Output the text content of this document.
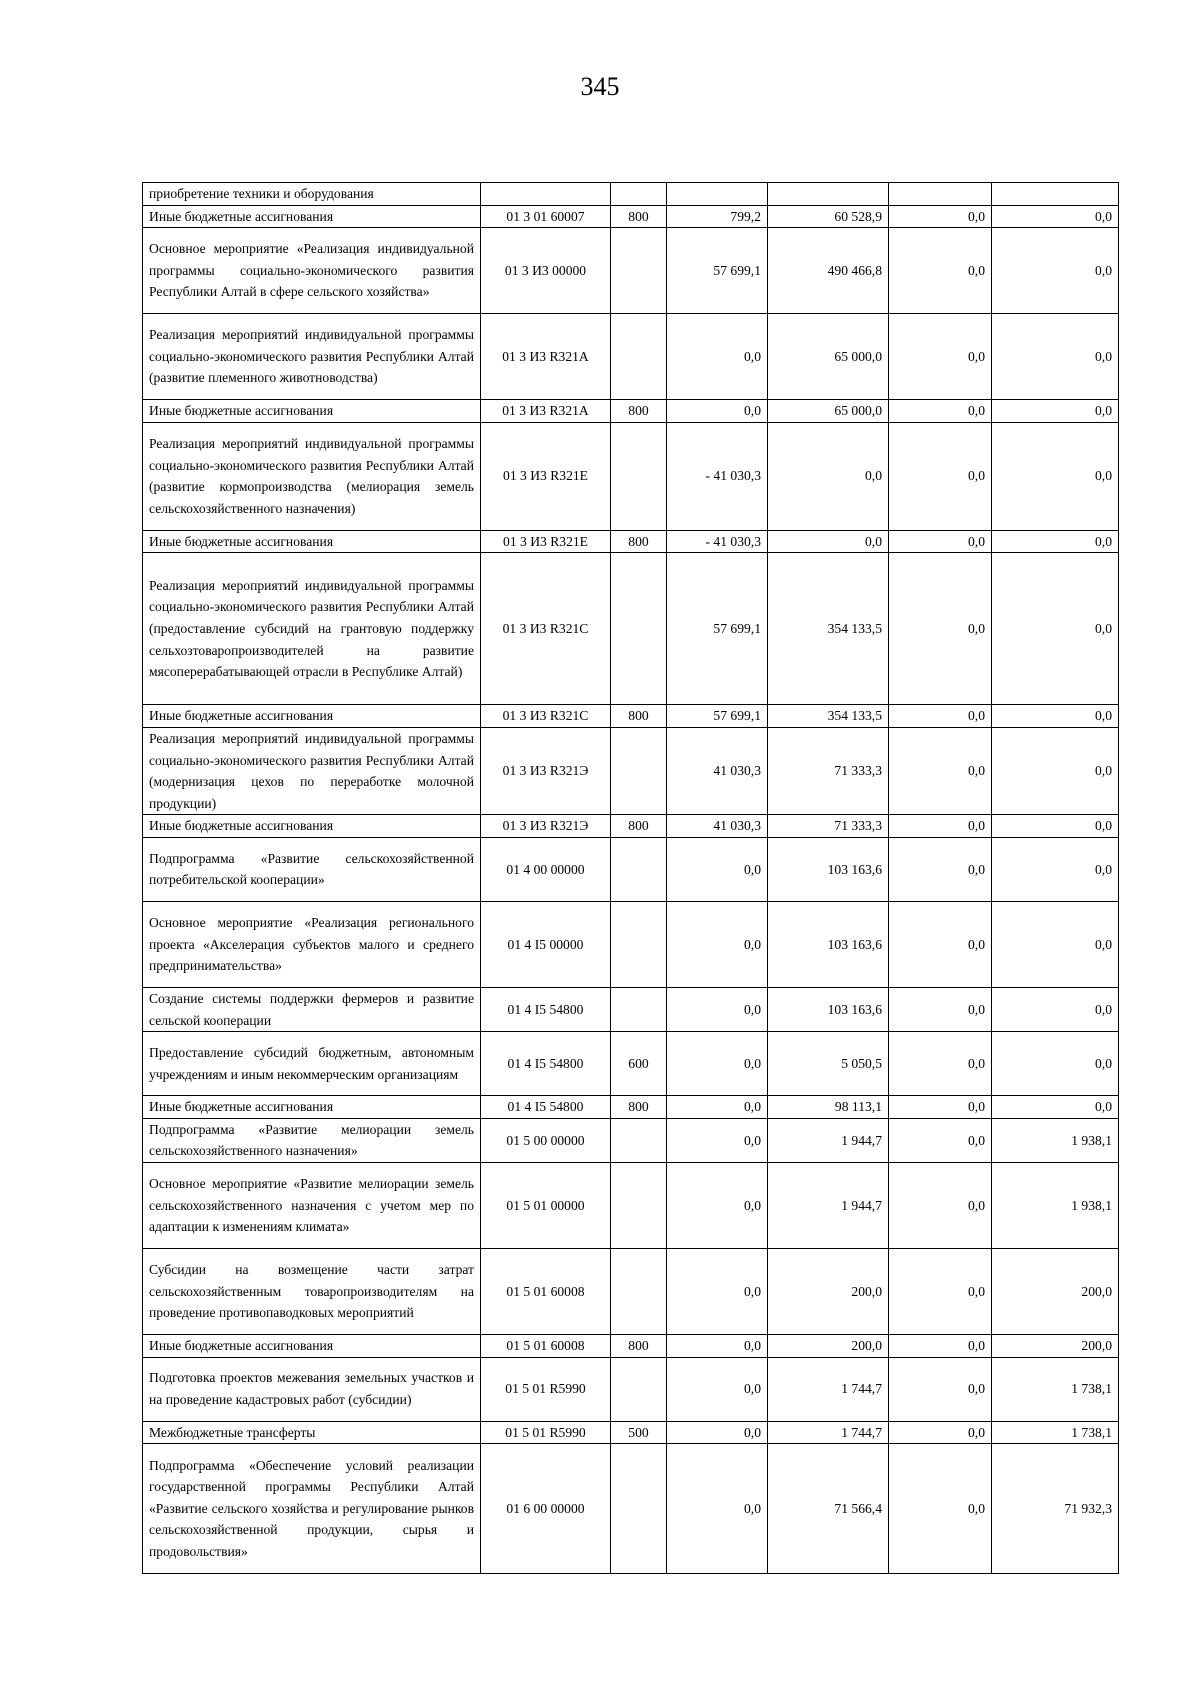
345
приобретение техники и оборудования						
Иные бюджетные ассигнования	01 3 01 60007	800	799,2	60 528,9	0,0	0,0
Основное мероприятие «Реализация индивидуальной программы социально-экономического развития Республики Алтай в сфере сельского хозяйства»	01 3 И3 00000		57 699,1	490 466,8	0,0	0,0
Реализация мероприятий индивидуальной программы социально-экономического развития Республики Алтай (развитие племенного животноводства)	01 3 И3 R321A		0,0	65 000,0	0,0	0,0
Иные бюджетные ассигнования	01 3 И3 R321A	800	0,0	65 000,0	0,0	0,0
Реализация мероприятий индивидуальной программы социально-экономического развития Республики Алтай (развитие кормопроизводства (мелиорация земель сельскохозяйственного назначения)	01 3 И3 R321E		- 41 030,3	0,0	0,0	0,0
Иные бюджетные ассигнования	01 3 И3 R321E	800	- 41 030,3	0,0	0,0	0,0
Реализация мероприятий индивидуальной программы социально-экономического развития Республики Алтай (предоставление субсидий на грантовую поддержку сельхозтоваропроизводителей на развитие мясоперерабатывающей отрасли в Республике Алтай)	01 3 И3 R321C		57 699,1	354 133,5	0,0	0,0
Иные бюджетные ассигнования	01 3 И3 R321C	800	57 699,1	354 133,5	0,0	0,0
Реализация мероприятий индивидуальной программы социально-экономического развития Республики Алтай (модернизация цехов по переработке молочной продукции)	01 3 И3 R321Э		41 030,3	71 333,3	0,0	0,0
Иные бюджетные ассигнования	01 3 И3 R321Э	800	41 030,3	71 333,3	0,0	0,0
Подпрограмма «Развитие сельскохозяйственной потребительской кооперации»	01 4 00 00000		0,0	103 163,6	0,0	0,0
Основное мероприятие «Реализация регионального проекта «Акселерация субъектов малого и среднего предпринимательства»	01 4 I5 00000		0,0	103 163,6	0,0	0,0
Создание системы поддержки фермеров и развитие сельской кооперации	01 4 I5 54800		0,0	103 163,6	0,0	0,0
Предоставление субсидий бюджетным, автономным учреждениям и иным некоммерческим организациям	01 4 I5 54800	600	0,0	5 050,5	0,0	0,0
Иные бюджетные ассигнования	01 4 I5 54800	800	0,0	98 113,1	0,0	0,0
Подпрограмма «Развитие мелиорации земель сельскохозяйственного назначения»	01 5 00 00000		0,0	1 944,7	0,0	1 938,1
Основное мероприятие «Развитие мелиорации земель сельскохозяйственного назначения с учетом мер по адаптации к изменениям климата»	01 5 01 00000		0,0	1 944,7	0,0	1 938,1
Субсидии на возмещение части затрат сельскохозяйственным товаропроизводителям на проведение противопаводковых мероприятий	01 5 01 60008		0,0	200,0	0,0	200,0
Иные бюджетные ассигнования	01 5 01 60008	800	0,0	200,0	0,0	200,0
Подготовка проектов межевания земельных участков и на проведение кадастровых работ (субсидии)	01 5 01 R5990		0,0	1 744,7	0,0	1 738,1
Межбюджетные трансферты	01 5 01 R5990	500	0,0	1 744,7	0,0	1 738,1
Подпрограмма «Обеспечение условий реализации государственной программы Республики Алтай «Развитие сельского хозяйства и регулирование рынков сельскохозяйственной продукции, сырья и продовольствия»	01 6 00 00000		0,0	71 566,4	0,0	71 932,3
